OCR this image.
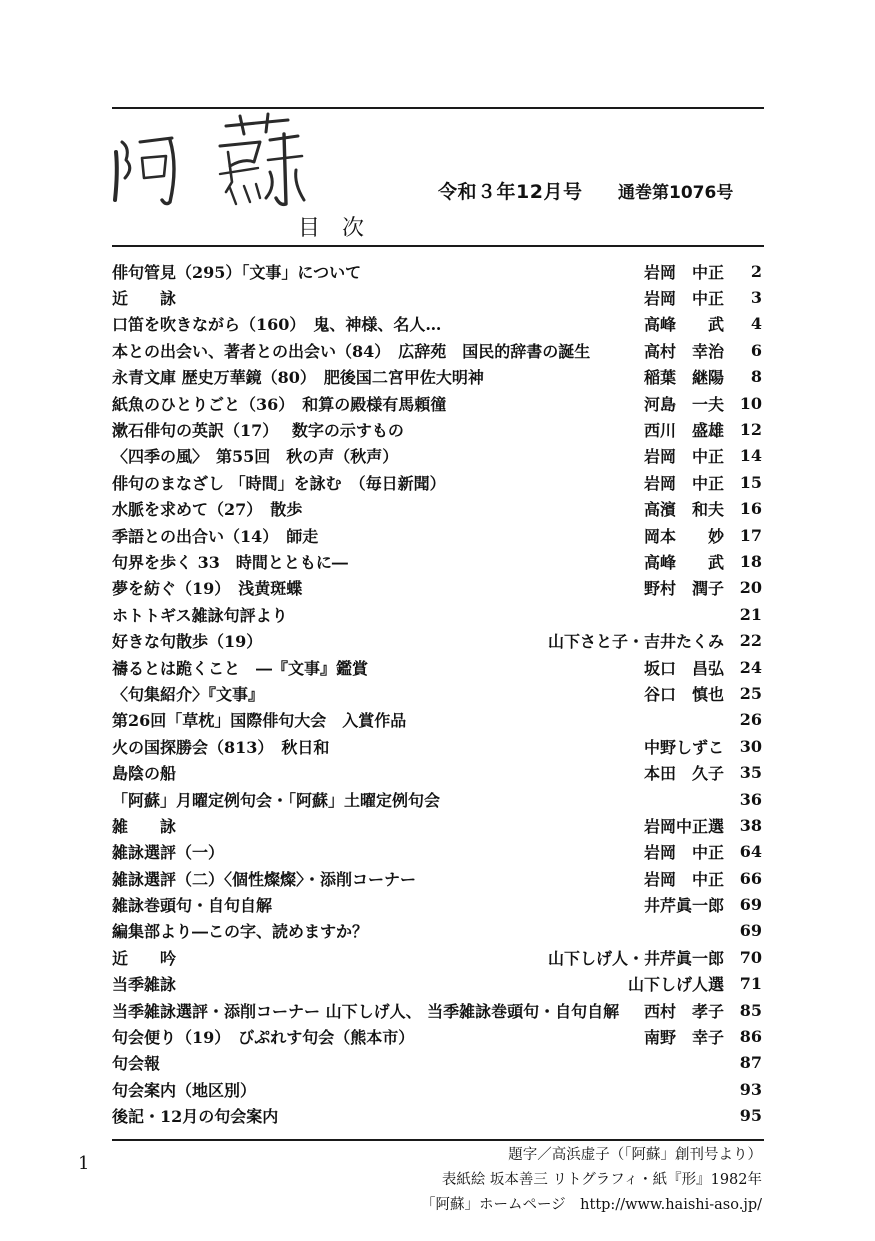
令和３年12月号 通巻第1076号
目次
俳句管見（295）「文事」について	岩岡　中正	2
近　　詠	岩岡　中正	3
口笛を吹きながら（160）　鬼、神様、名人…	高峰　　武	4
本との出会い、著者との出会い（84）　広辞苑　国民的辞書の誕生	高村　幸治	6
永青文庫 歴史万華鏡（80）　肥後国二宮甲佐大明神	稲葉　継陽	8
紙魚のひとりごと（36）　和算の殿様有馬頼徸	河島　一夫 10
漱石俳句の英訳（17）　 数字の示すもの	西川　盛雄 12
〈四季の風〉　第55回　秋の声（秋声）	岩岡　中正 14
俳句のまなざし 「時間」を詠む　（毎日新聞）	岩岡　中正 15
水脈を求めて（27）　散歩	高濱　和夫 16
季語との出合い（14）　師走	岡本　　妙 17
句界を歩く 33　時間とともに―	高峰　　武 18
夢を紡ぐ（19）　浅黄斑蝶	野村　潤子 20
ホトトギス雑詠句評より	21
好きな句散歩（19）	山下さと子・吉井たくみ 22
禱るとは跪くこと　―『文事』鑑賞	坂口　昌弘 24
〈句集紹介〉『文事』	谷口　慎也 25
第26回「草枕」国際俳句大会　入賞作品	26
火の国探勝会（813）　秋日和	中野しずこ 30
島陰の船	本田　久子 35
「阿蘇」月曜定例句会・「阿蘇」土曜定例句会	36
雑　　詠	岩岡中正選 38
雑詠選評（一）	岩岡　中正 64
雑詠選評（二）〈個性燦燦〉・添削コーナー	岩岡　中正 66
雑詠巻頭句・自句自解	井芹眞一郎 69
編集部より―この字、読めますか？	69
近　　吟	山下しげ人・井芹眞一郎 70
当季雑詠	山下しげ人選 71
当季雑詠選評・添削コーナー 山下しげ人、 当季雑詠巻頭句・自句自解	西村　孝子 85
句会便り（19）　びぷれす句会（熊本市）	南野　幸子 86
句会報	87
句会案内（地区別）	93
後記・12月の句会案内	95
1	題字／高浜虚子（「阿蘇」創刊号より）
表紙絵 坂本善三 リトグラフィ・紙『形』1982年
「阿蘇」ホームページ　http://www.haishi-aso.jp/
